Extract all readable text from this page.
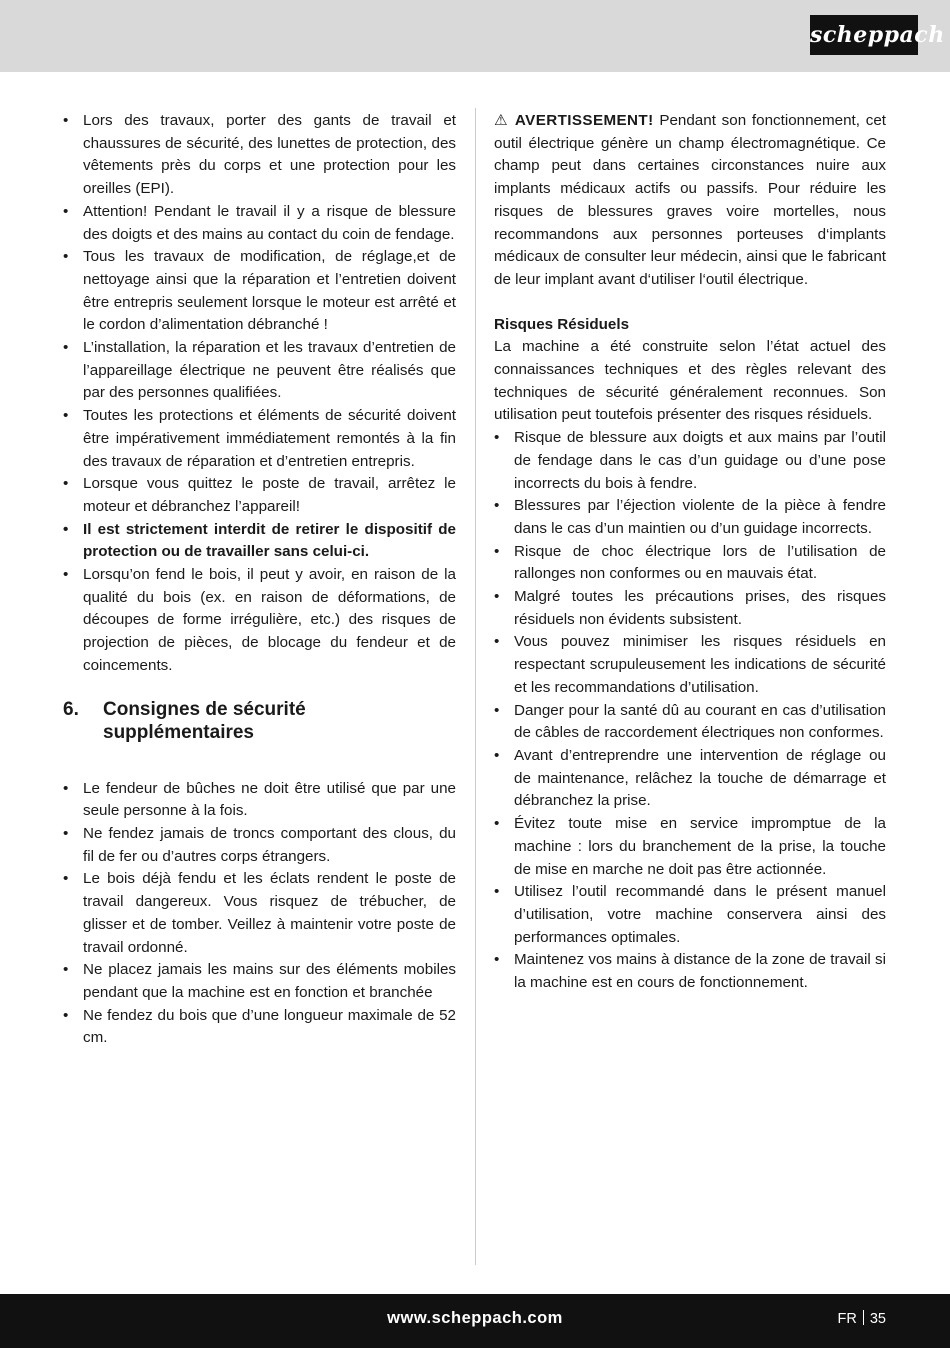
scheppach
• Lors des travaux, porter des gants de travail et chaussures de sécurité, des lunettes de protection, des vêtements près du corps et une protection pour les oreilles (EPI).
• Attention! Pendant le travail il y a risque de blessure des doigts et des mains au contact du coin de fendage.
• Tous les travaux de modification, de réglage,et de nettoyage ainsi que la réparation et l’entretien doivent être entrepris seulement lorsque le moteur est arrêté et le cordon d’alimentation débranché !
• L’installation, la réparation et les travaux d’entretien de l’appareillage électrique ne peuvent être réalisés que par des personnes qualifiées.
• Toutes les protections et éléments de sécurité doivent être impérativement immédiatement remontés à la fin des travaux de réparation et d’entretien entrepris.
• Lorsque vous quittez le poste de travail, arrêtez le moteur et débranchez l’appareil!
• Il est strictement interdit de retirer le dispositif de protection ou de travailler sans celui-ci.
• Lorsqu’on fend le bois, il peut y avoir, en raison de la qualité du bois (ex. en raison de déformations, de découpes de forme irrégulière, etc.) des risques de projection de pièces, de blocage du fendeur et de coincements.
6.	Consignes de sécurité
supplémentaires
• Le fendeur de bûches ne doit être utilisé que par une seule personne à la fois.
• Ne fendez jamais de troncs comportant des clous, du fil de fer ou d’autres corps étrangers.
• Le bois déjà fendu et les éclats rendent le poste de travail dangereux. Vous risquez de trébucher, de glisser et de tomber. Veillez à maintenir votre poste de travail ordonné.
• Ne placez jamais les mains sur des éléments mobiles pendant que la machine est en fonction et branchée
• Ne fendez du bois que d’une longueur maximale de 52 cm.

⚠ AVERTISSEMENT! Pendant son fonctionnement, cet outil électrique génère un champ électromagnétique. Ce champ peut dans certaines circonstances nuire aux implants médicaux actifs ou passifs. Pour réduire les risques de blessures graves voire mortelles, nous recommandons aux personnes porteuses d‘implants médicaux de consulter leur médecin, ainsi que le fabricant de leur implant avant d‘utiliser l‘outil électrique.

Risques Résiduels

La machine a été construite selon l’état actuel des connaissances techniques et des règles relevant des techniques de sécurité généralement reconnues. Son utilisation peut toutefois présenter des risques résiduels.

• Risque de blessure aux doigts et aux mains par l’outil de fendage dans le cas d’un guidage ou d’une pose incorrects du bois à fendre.
• Blessures par l’éjection violente de la pièce à fendre dans le cas d’un maintien ou d’un guidage incorrects.
• Risque de choc électrique lors de l’utilisation de rallonges non conformes ou en mauvais état.
• Malgré toutes les précautions prises, des risques résiduels non évidents subsistent.
• Vous pouvez minimiser les risques résiduels en respectant scrupuleusement les indications de sécurité et les recommandations d’utilisation.
• Danger pour la santé dû au courant en cas d’utilisation de câbles de raccordement électriques non conformes.
• Avant d’entreprendre une intervention de réglage ou de maintenance, relâchez la touche de démarrage et débranchez la prise.
• Évitez toute mise en service impromptue de la machine : lors du branchement de la prise, la touche de mise en marche ne doit pas être actionnée.
• Utilisez l’outil recommandé dans le présent manuel d’utilisation, votre machine conservera ainsi des performances optimales.
• Maintenez vos mains à distance de la zone de travail si la machine est en cours de fonctionnement.
www.scheppach.com	FR 35
